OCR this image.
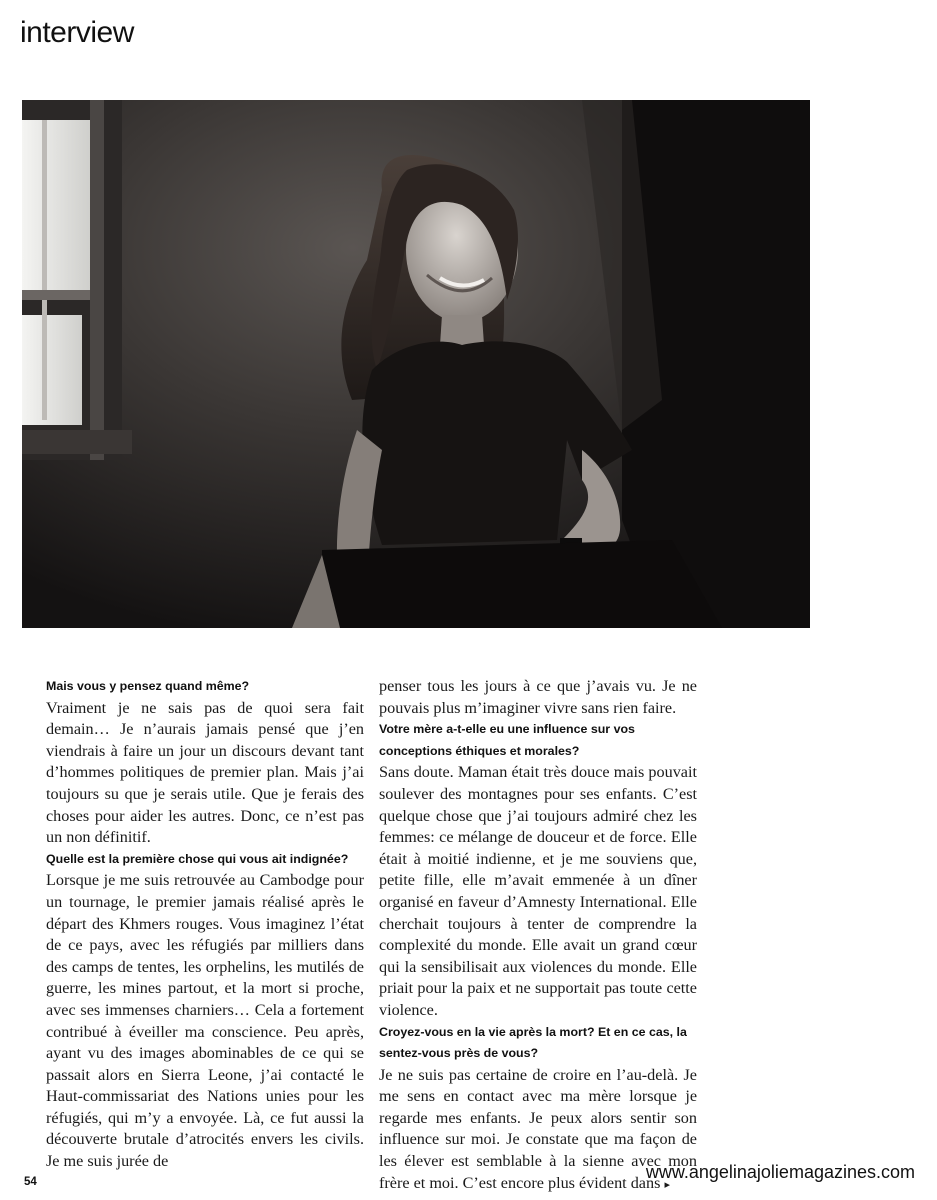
interview

Mais vous y pensez quand même?

Vraiment je ne sais pas de quoi sera fait demain… Je n’aurais jamais pensé que j’en viendrais à faire un jour un discours devant tant d’hommes politiques de premier plan. Mais j’ai toujours su que je serais utile. Que je ferais des choses pour aider les autres. Donc, ce n’est pas un non définitif.

Quelle est la première chose qui vous ait indignée?

Lorsque je me suis retrouvée au Cambodge pour un tournage, le premier jamais réalisé après le départ des Khmers rouges. Vous imaginez l’état de ce pays, avec les réfugiés par milliers dans des camps de tentes, les orphelins, les mutilés de guerre, les mines partout, et la mort si proche, avec ses immenses charniers… Cela a fortement contribué à éveiller ma conscience. Peu après, ayant vu des images abominables de ce qui se passait alors en Sierra Leone, j’ai contacté le Haut-commissariat des Nations unies pour les réfugiés, qui m’y a envoyée. Là, ce fut aussi la découverte brutale d’atrocités envers les civils. Je me suis jurée de

penser tous les jours à ce que j’avais vu. Je ne pouvais plus m’imaginer vivre sans rien faire.

Votre mère a-t-elle eu une influence sur vos conceptions éthiques et morales?

Sans doute. Maman était très douce mais pouvait soulever des montagnes pour ses enfants. C’est quelque chose que j’ai toujours admiré chez les femmes: ce mélange de douceur et de force. Elle était à moitié indienne, et je me souviens que, petite fille, elle m’avait emmenée à un dîner organisé en faveur d’Amnesty International. Elle cherchait toujours à tenter de comprendre la complexité du monde. Elle avait un grand cœur qui la sensibilisait aux violences du monde. Elle priait pour la paix et ne supportait pas toute cette violence.

Croyez-vous en la vie après la mort? Et en ce cas, la sentez-vous près de vous?

Je ne suis pas certaine de croire en l’au-delà. Je me sens en contact avec ma mère lorsque je regarde mes enfants. Je peux alors sentir son influence sur moi. Je constate que ma façon de les élever est semblable à la sienne avec mon frère et moi. C’est encore plus évident dans ▸

54	www.angelinajoliemagazines.com
